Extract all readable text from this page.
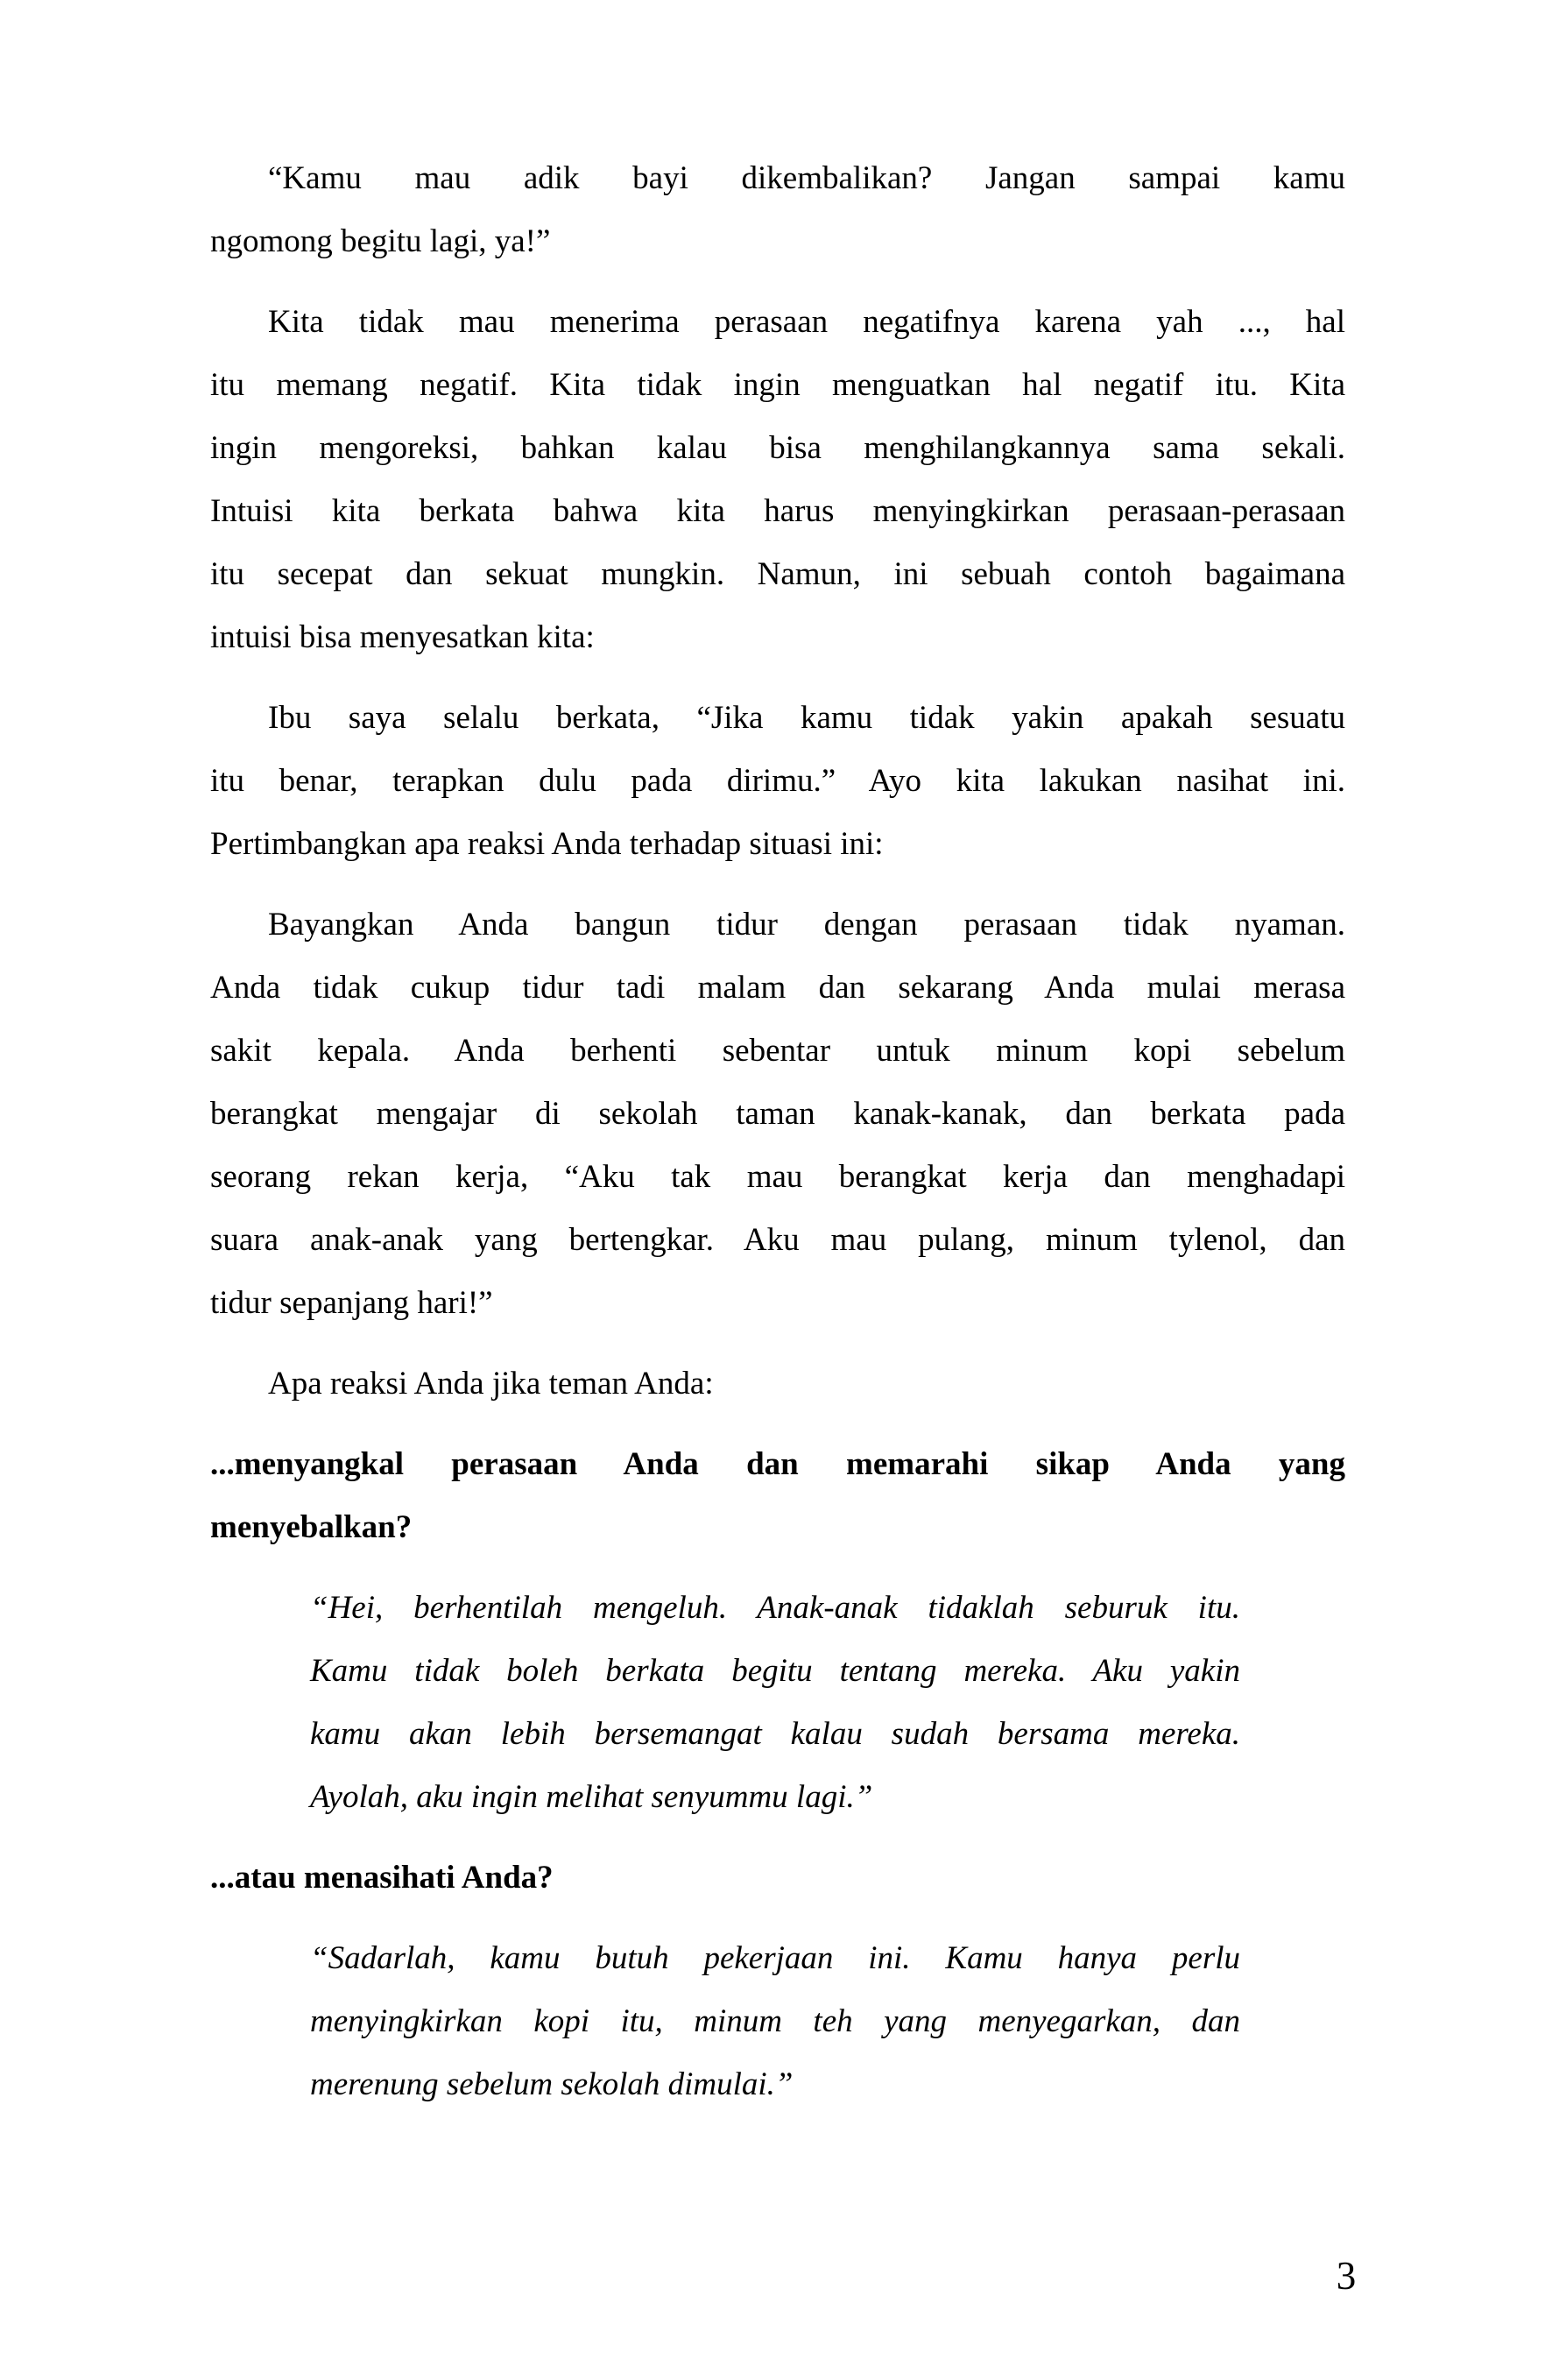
“Kamu mau adik bayi dikembalikan? Jangan sampai kamu
ngomong begitu lagi, ya!”
Kita tidak mau menerima perasaan negatifnya karena yah ..., hal
itu memang negatif. Kita tidak ingin menguatkan hal negatif itu. Kita
ingin mengoreksi, bahkan kalau bisa menghilangkannya sama sekali.
Intuisi kita berkata bahwa kita harus menyingkirkan perasaan-perasaan
itu secepat dan sekuat mungkin. Namun, ini sebuah contoh bagaimana
intuisi bisa menyesatkan kita:
Ibu saya selalu berkata, “Jika kamu tidak yakin apakah sesuatu
itu benar, terapkan dulu pada dirimu.” Ayo kita lakukan nasihat ini.
Pertimbangkan apa reaksi Anda terhadap situasi ini:
Bayangkan Anda bangun tidur dengan perasaan tidak nyaman.
Anda tidak cukup tidur tadi malam dan sekarang Anda mulai merasa
sakit kepala. Anda berhenti sebentar untuk minum kopi sebelum
berangkat mengajar di sekolah taman kanak-kanak, dan berkata pada
seorang rekan kerja, “Aku tak mau berangkat kerja dan menghadapi
suara anak-anak yang bertengkar. Aku mau pulang, minum tylenol, dan
tidur sepanjang hari!”
Apa reaksi Anda jika teman Anda:
...menyangkal perasaan Anda dan memarahi sikap Anda yang
menyebalkan?
“Hei, berhentilah mengeluh. Anak-anak tidaklah seburuk itu.
Kamu tidak boleh berkata begitu tentang mereka. Aku yakin
kamu akan lebih bersemangat kalau sudah bersama mereka.
Ayolah, aku ingin melihat senyummu lagi.”
...atau menasihati Anda?
“Sadarlah, kamu butuh pekerjaan ini. Kamu hanya perlu
menyingkirkan kopi itu, minum teh yang menyegarkan, dan
merenung sebelum sekolah dimulai.”
3
